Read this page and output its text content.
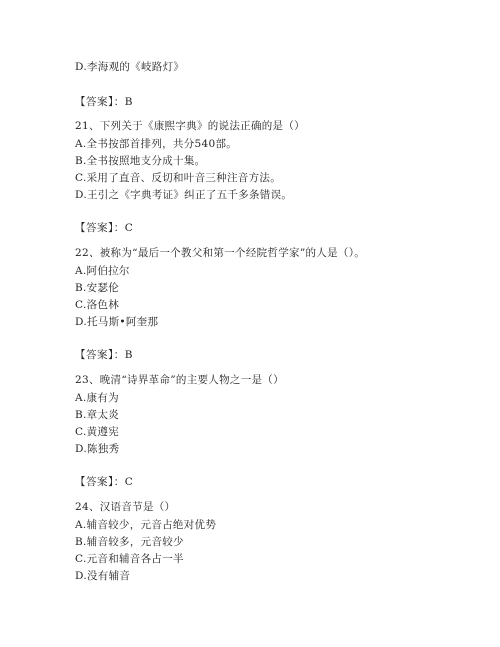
D.李海观的《岐路灯》
【答案】：B
21、下列关于《康熙字典》的说法正确的是（）
A.全书按部首排列，共分540部。
B.全书按照地支分成十集。
C.采用了直音、反切和叶音三种注音方法。
D.王引之《字典考证》纠正了五千多条错误。
【答案】：C
22、被称为“最后一个教父和第一个经院哲学家”的人是（）。
A.阿伯拉尔
B.安瑟伦
C.洛色林
D.托马斯•阿奎那
【答案】：B
23、晚清“诗界革命”的主要人物之一是（）
A.康有为
B.章太炎
C.黄遵宪
D.陈独秀
【答案】：C
24、汉语音节是（）
A.辅音较少，元音占绝对优势
B.辅音较多，元音较少
C.元音和辅音各占一半
D.没有辅音
